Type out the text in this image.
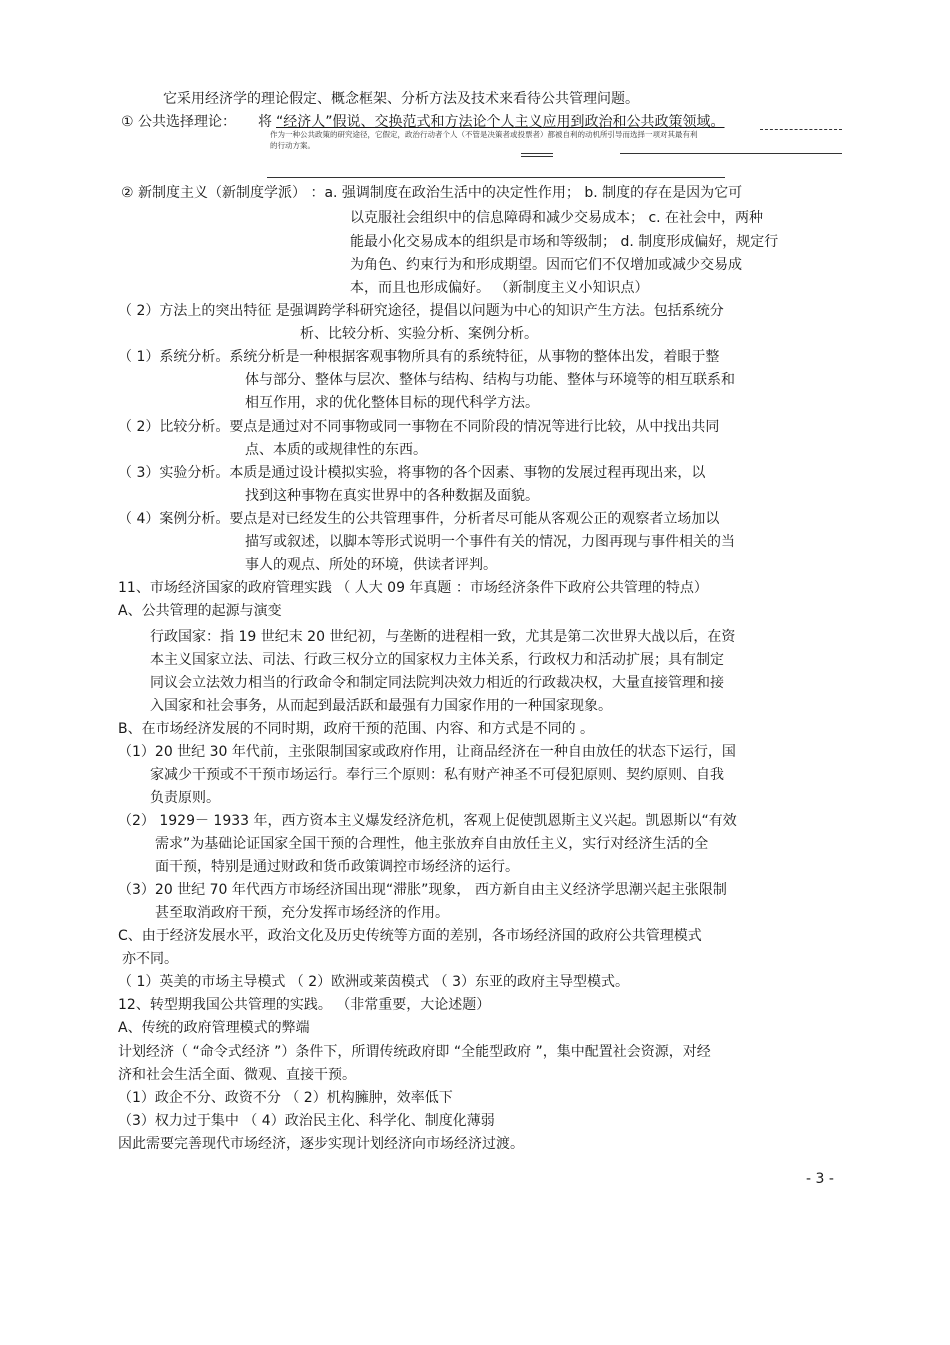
它采用经济学的理论假定、概念框架、分析方法及技术来看待公共管理问题。
① 公共选择理论： 将 “经济人”假说、交换范式和方法论个人主义应用到政治和公共政策领域。
作为一种公共政策的研究途径，它假定，政治行动者个人（不管是决策者或投票者）都被自利的动机所引导而选择一项对其最有利
的行动方案。
② 新制度主义（新制度学派） ：a. 强调制度在政治生活中的决定性作用； b. 制度的存在是因为它可
以克服社会组织中的信息障碍和减少交易成本； c. 在社会中，两种
能最小化交易成本的组织是市场和等级制； d. 制度形成偏好，规定行
为角色、约束行为和形成期望。因而它们不仅增加或减少交易成
本，而且也形成偏好。 （新制度主义小知识点）
（ 2）方法上的突出特征 是强调跨学科研究途径，提倡以问题为中心的知识产生方法。包括系统分
析、比较分析、实验分析、案例分析。
（ 1）系统分析。系统分析是一种根据客观事物所具有的系统特征，从事物的整体出发，着眼于整
体与部分、整体与层次、整体与结构、结构与功能、整体与环境等的相互联系和
相互作用，求的优化整体目标的现代科学方法。
（ 2）比较分析。要点是通过对不同事物或同一事物在不同阶段的情况等进行比较，从中找出共同
点、本质的或规律性的东西。
（ 3）实验分析。本质是通过设计模拟实验，将事物的各个因素、事物的发展过程再现出来，以
找到这种事物在真实世界中的各种数据及面貌。
（ 4）案例分析。要点是对已经发生的公共管理事件，分析者尽可能从客观公正的观察者立场加以
描写或叙述，以脚本等形式说明一个事件有关的情况，力图再现与事件相关的当
事人的观点、所处的环境，供读者评判。
11、市场经济国家的政府管理实践 （ 人大 09 年真题 ：市场经济条件下政府公共管理的特点）
A、公共管理的起源与演变
行政国家：指 19 世纪末 20 世纪初，与垄断的进程相一致，尤其是第二次世界大战以后，在资
本主义国家立法、司法、行政三权分立的国家权力主体关系，行政权力和活动扩展；具有制定
同议会立法效力相当的行政命令和制定同法院判决效力相近的行政裁决权，大量直接管理和接
入国家和社会事务，从而起到最活跃和最强有力国家作用的一种国家现象。
B、在市场经济发展的不同时期，政府干预的范围、内容、和方式是不同的 。
（1）20 世纪 30 年代前，主张限制国家或政府作用，让商品经济在一种自由放任的状态下运行，国
家减少干预或不干预市场运行。奉行三个原则：私有财产神圣不可侵犯原则、契约原则、自我
负责原则。
（2） 1929－ 1933 年，西方资本主义爆发经济危机，客观上促使凯恩斯主义兴起。凯恩斯以“有效
需求”为基础论证国家全国干预的合理性，他主张放弃自由放任主义，实行对经济生活的全
面干预，特别是通过财政和货币政策调控市场经济的运行。
（3）20 世纪 70 年代西方市场经济国出现“滞胀”现象， 西方新自由主义经济学思潮兴起主张限制
甚至取消政府干预，充分发挥市场经济的作用。
C、由于经济发展水平，政治文化及历史传统等方面的差别，各市场经济国的政府公共管理模式
亦不同。
（ 1）英美的市场主导模式 （ 2）欧洲或莱茵模式 （ 3）东亚的政府主导型模式。
12、转型期我国公共管理的实践。 （非常重要，大论述题）
A、传统的政府管理模式的弊端
计划经济（ “命令式经济 ”）条件下，所谓传统政府即 “全能型政府 ”，集中配置社会资源，对经
济和社会生活全面、微观、直接干预。
（1）政企不分、政资不分 （ 2）机构臃肿，效率低下
（3）权力过于集中 （ 4）政治民主化、科学化、制度化薄弱
因此需要完善现代市场经济，逐步实现计划经济向市场经济过渡。
- 3 -
